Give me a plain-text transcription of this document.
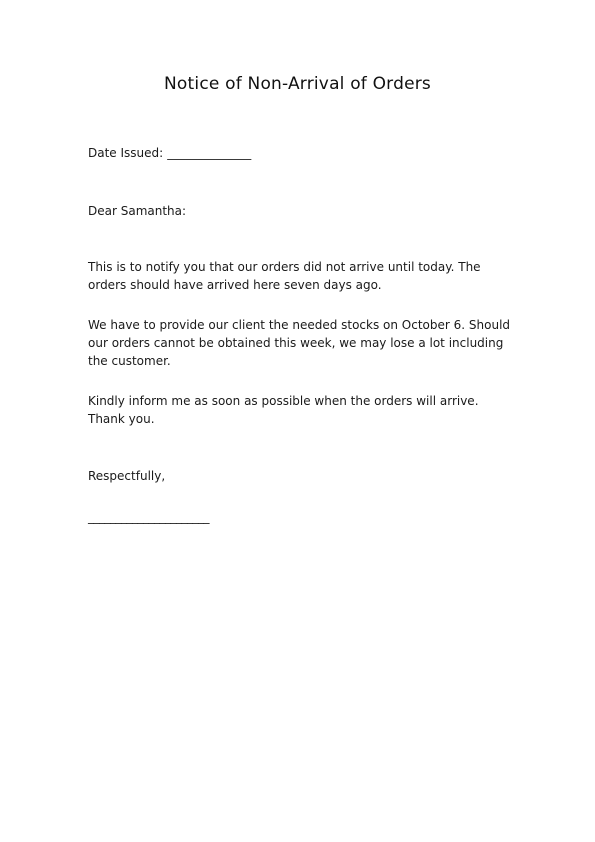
Notice of Non-Arrival of Orders
Date Issued: ______________
Dear Samantha:
This is to notify you that our orders did not arrive until today. The orders should have arrived here seven days ago.
We have to provide our client the needed stocks on October 6. Should our orders cannot be obtained this week, we may lose a lot including the customer.
Kindly inform me as soon as possible when the orders will arrive. Thank you.
Respectfully,
______________________
